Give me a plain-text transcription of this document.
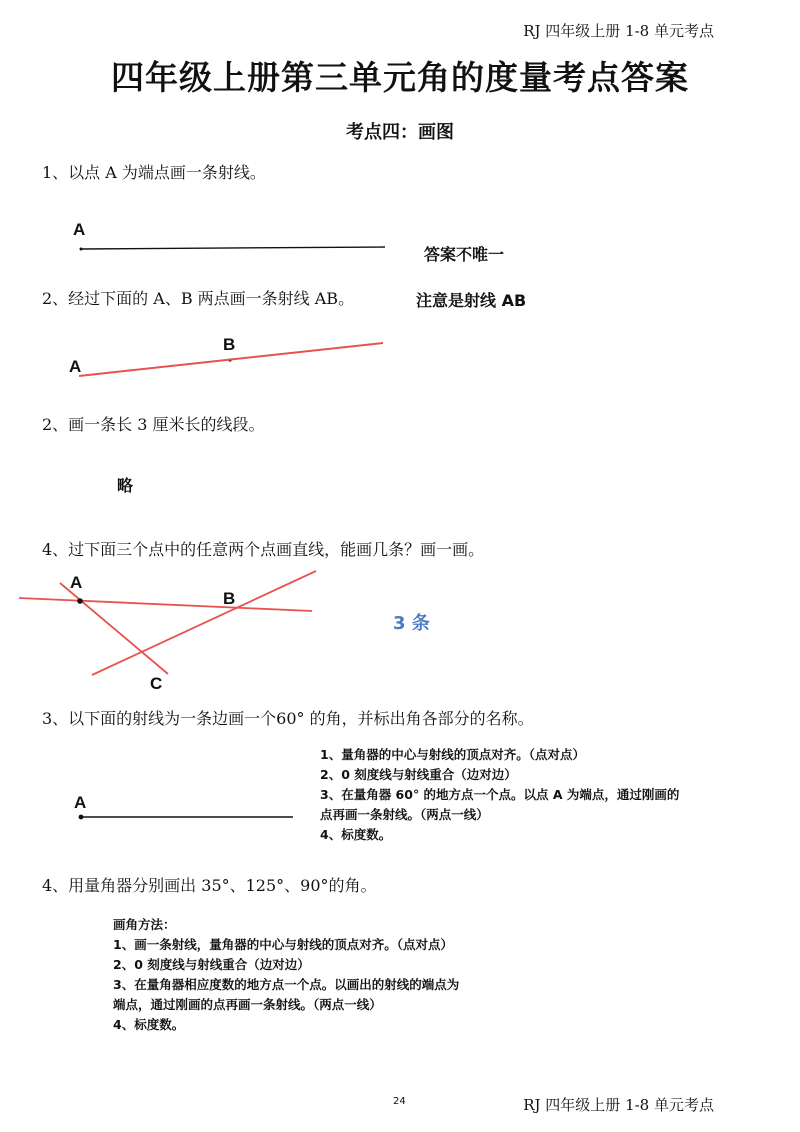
RJ 四年级上册 1-8 单元考点
四年级上册第三单元角的度量考点答案
考点四：画图
1、以点 A 为端点画一条射线。
答案不唯一
2、经过下面的 A、B 两点画一条射线 AB。	注意是射线 AB
2、画一条长 3 厘米长的线段。
略
4、过下面三个点中的任意两个点画直线，能画几条？画一画。
3 条
3、以下面的射线为一条边画一个60° 的角，并标出角各部分的名称。
1、量角器的中心与射线的顶点对齐。（点对点）
2、0 刻度线与射线重合（边对边）
3、在量角器 60° 的地方点一个点。以点 A 为端点，通过刚画的
点再画一条射线。（两点一线）
4、标度数。
4、用量角器分别画出 35°、125°、90°的角。
画角方法：
1、画一条射线，量角器的中心与射线的顶点对齐。（点对点）
2、0 刻度线与射线重合（边对边）
3、在量角器相应度数的地方点一个点。以画出的射线的端点为
端点，通过刚画的点再画一条射线。（两点一线）
4、标度数。
24	RJ 四年级上册 1-8 单元考点
A
A
B
A
B
C
A
